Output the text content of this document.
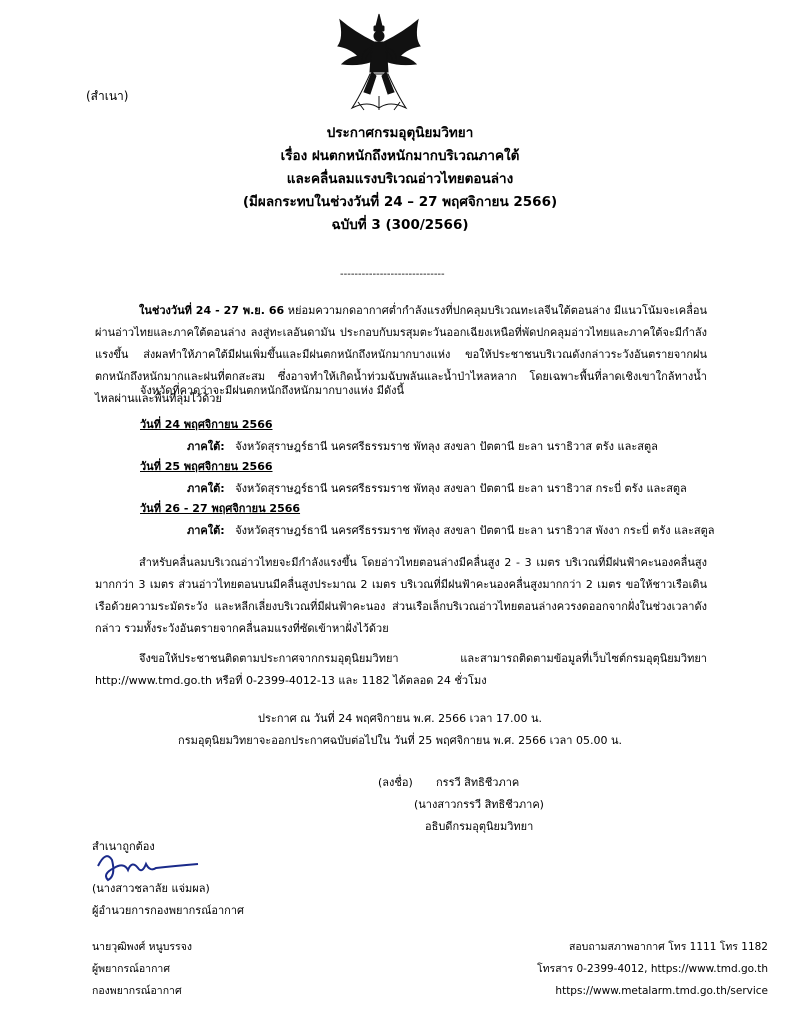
(สำเนา)
ประกาศกรมอุตุนิยมวิทยา
เรื่อง ฝนตกหนักถึงหนักมากบริเวณภาคใต้
และคลื่นลมแรงบริเวณอ่าวไทยตอนล่าง
(มีผลกระทบในช่วงวันที่ 24 – 27 พฤศจิกายน 2566)
ฉบับที่ 3 (300/2566)
-----------------------------
ในช่วงวันที่ 24 - 27 พ.ย. 66 หย่อมความกดอากาศต่ำกำลังแรงที่ปกคลุมบริเวณทะเลจีนใต้ตอนล่าง มีแนวโน้มจะเคลื่อนผ่านอ่าวไทยและภาคใต้ตอนล่าง ลงสู่ทะเลอันดามัน ประกอบกับมรสุมตะวันออกเฉียงเหนือที่พัดปกคลุมอ่าวไทยและภาคใต้จะมีกำลังแรงขึ้น ส่งผลทำให้ภาคใต้มีฝนเพิ่มขึ้นและมีฝนตกหนักถึงหนักมากบางแห่ง ขอให้ประชาชนบริเวณดังกล่าวระวังอันตรายจากฝนตกหนักถึงหนักมากและฝนที่ตกสะสม ซึ่งอาจทำให้เกิดน้ำท่วมฉับพลันและน้ำป่าไหลหลาก โดยเฉพาะพื้นที่ลาดเชิงเขาใกล้ทางน้ำไหลผ่านและพื้นที่ลุ่มไว้ด้วย
จังหวัดที่คาดว่าจะมีฝนตกหนักถึงหนักมากบางแห่ง มีดังนี้
วันที่ 24 พฤศจิกายน 2566
ภาคใต้: จังหวัดสุราษฎร์ธานี นครศรีธรรมราช พัทลุง สงขลา ปัตตานี ยะลา นราธิวาส ตรัง และสตูล
วันที่ 25 พฤศจิกายน 2566
ภาคใต้: จังหวัดสุราษฎร์ธานี นครศรีธรรมราช พัทลุง สงขลา ปัตตานี ยะลา นราธิวาส กระบี่ ตรัง และสตูล
วันที่ 26 - 27 พฤศจิกายน 2566
ภาคใต้: จังหวัดสุราษฎร์ธานี นครศรีธรรมราช พัทลุง สงขลา ปัตตานี ยะลา นราธิวาส พังงา กระบี่ ตรัง และสตูล
สำหรับคลื่นลมบริเวณอ่าวไทยจะมีกำลังแรงขึ้น โดยอ่าวไทยตอนล่างมีคลื่นสูง 2 - 3 เมตร บริเวณที่มีฝนฟ้าคะนองคลื่นสูงมากกว่า 3 เมตร ส่วนอ่าวไทยตอนบนมีคลื่นสูงประมาณ 2 เมตร บริเวณที่มีฝนฟ้าคะนองคลื่นสูงมากกว่า 2 เมตร ขอให้ชาวเรือเดินเรือด้วยความระมัดระวัง และหลีกเลี่ยงบริเวณที่มีฝนฟ้าคะนอง ส่วนเรือเล็กบริเวณอ่าวไทยตอนล่างควรงดออกจากฝั่งในช่วงเวลาดังกล่าว รวมทั้งระวังอันตรายจากคลื่นลมแรงที่ซัดเข้าหาฝั่งไว้ด้วย
จึงขอให้ประชาชนติดตามประกาศจากกรมอุตุนิยมวิทยา และสามารถติดตามข้อมูลที่เว็บไซต์กรมอุตุนิยมวิทยา http://www.tmd.go.th หรือที่ 0-2399-4012-13 และ 1182 ได้ตลอด 24 ชั่วโมง
ประกาศ ณ วันที่ 24 พฤศจิกายน พ.ศ. 2566 เวลา 17.00 น.
กรมอุตุนิยมวิทยาจะออกประกาศฉบับต่อไปใน วันที่ 25 พฤศจิกายน พ.ศ. 2566 เวลา 05.00 น.
(ลงชื่อ) กรรวี สิทธิชีวภาค
(นางสาวกรรวี สิทธิชีวภาค)
อธิบดีกรมอุตุนิยมวิทยา
สำเนาถูกต้อง
(นางสาวชลาลัย แจ่มผล)
ผู้อำนวยการกองพยากรณ์อากาศ
นายวุฒิพงศ์ หนูบรรจง
ผู้พยากรณ์อากาศ
กองพยากรณ์อากาศ
สอบถามสภาพอากาศ โทร 1111 โทร 1182
โทรสาร 0-2399-4012, https://www.tmd.go.th
https://www.metalarm.tmd.go.th/service
